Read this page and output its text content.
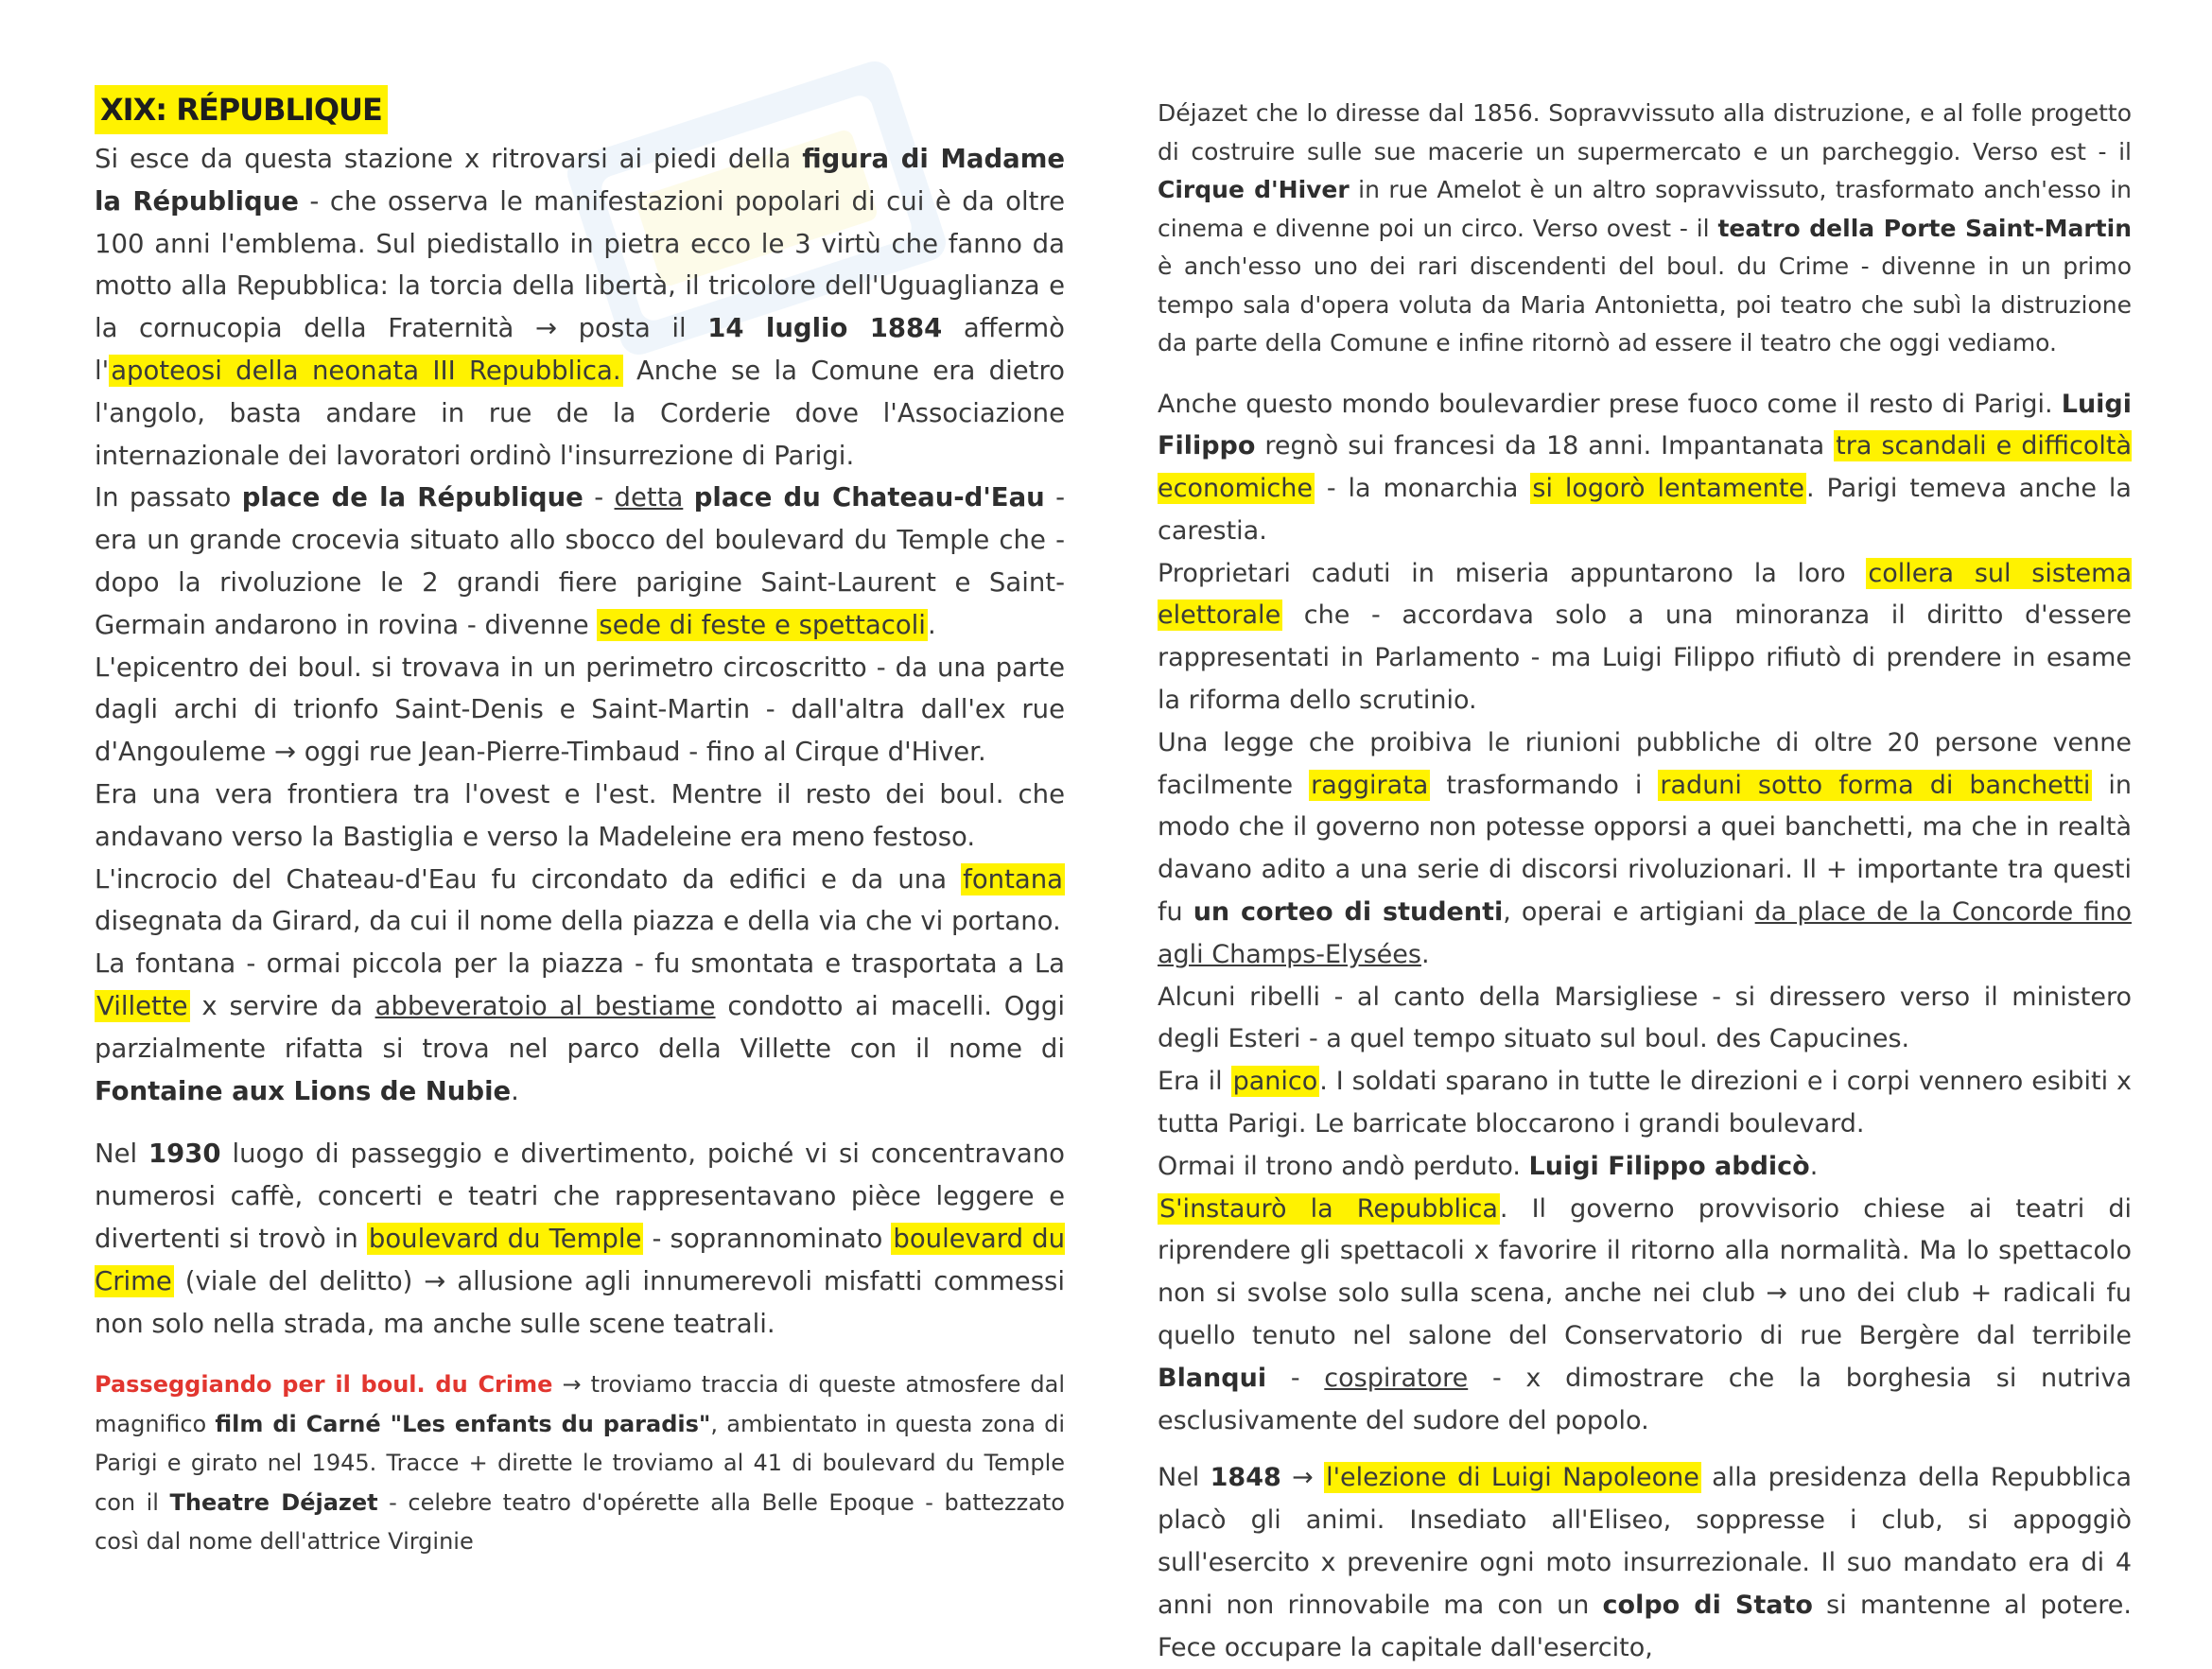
XIX: RÉPUBLIQUE

Si esce da questa stazione x ritrovarsi ai piedi della figura di Madame la République - che osserva le manifestazioni popolari di cui è da oltre 100 anni l'emblema. Sul piedistallo in pietra ecco le 3 virtù che fanno da motto alla Repubblica: la torcia della libertà, il tricolore dell'Uguaglianza e la cornucopia della Fraternità → posta il 14 luglio 1884 affermò l'apoteosi della neonata III Repubblica. Anche se la Comune era dietro l'angolo, basta andare in rue de la Corderie dove l'Associazione internazionale dei lavoratori ordinò l'insurrezione di Parigi.

In passato place de la République - detta place du Chateau-d'Eau - era un grande crocevia situato allo sbocco del boulevard du Temple che - dopo la rivoluzione le 2 grandi fiere parigine Saint-Laurent e Saint-Germain andarono in rovina - divenne sede di feste e spettacoli.

L'epicentro dei boul. si trovava in un perimetro circoscritto - da una parte dagli archi di trionfo Saint-Denis e Saint-Martin - dall'altra dall'ex rue d'Angouleme → oggi rue Jean-Pierre-Timbaud - fino al Cirque d'Hiver.

Era una vera frontiera tra l'ovest e l'est. Mentre il resto dei boul. che andavano verso la Bastiglia e verso la Madeleine era meno festoso.

L'incrocio del Chateau-d'Eau fu circondato da edifici e da una fontana disegnata da Girard, da cui il nome della piazza e della via che vi portano.

La fontana - ormai piccola per la piazza - fu smontata e trasportata a La Villette x servire da abbeveratoio al bestiame condotto ai macelli. Oggi parzialmente rifatta si trova nel parco della Villette con il nome di Fontaine aux Lions de Nubie.

Nel 1930 luogo di passeggio e divertimento, poiché vi si concentravano numerosi caffè, concerti e teatri che rappresentavano pièce leggere e divertenti si trovò in boulevard du Temple - soprannominato boulevard du Crime (viale del delitto) → allusione agli innumerevoli misfatti commessi non solo nella strada, ma anche sulle scene teatrali.

Passeggiando per il boul. du Crime → troviamo traccia di queste atmosfere dal magnifico film di Carné "Les enfants du paradis", ambientato in questa zona di Parigi e girato nel 1945. Tracce + dirette le troviamo al 41 di boulevard du Temple con il Theatre Déjazet - celebre teatro d'opérette alla Belle Epoque - battezzato così dal nome dell'attrice Virginie

Déjazet che lo diresse dal 1856. Sopravvissuto alla distruzione, e al folle progetto di costruire sulle sue macerie un supermercato e un parcheggio. Verso est - il Cirque d'Hiver in rue Amelot è un altro sopravvissuto, trasformato anch'esso in cinema e divenne poi un circo. Verso ovest - il teatro della Porte Saint-Martin è anch'esso uno dei rari discendenti del boul. du Crime - divenne in un primo tempo sala d'opera voluta da Maria Antonietta, poi teatro che subì la distruzione da parte della Comune e infine ritornò ad essere il teatro che oggi vediamo.

Anche questo mondo boulevardier prese fuoco come il resto di Parigi. Luigi Filippo regnò sui francesi da 18 anni. Impantanata tra scandali e difficoltà economiche - la monarchia si logorò lentamente. Parigi temeva anche la carestia.

Proprietari caduti in miseria appuntarono la loro collera sul sistema elettorale che - accordava solo a una minoranza il diritto d'essere rappresentati in Parlamento - ma Luigi Filippo rifiutò di prendere in esame la riforma dello scrutinio.

Una legge che proibiva le riunioni pubbliche di oltre 20 persone venne facilmente raggirata trasformando i raduni sotto forma di banchetti in modo che il governo non potesse opporsi a quei banchetti, ma che in realtà davano adito a una serie di discorsi rivoluzionari. Il + importante tra questi fu un corteo di studenti, operai e artigiani da place de la Concorde fino agli Champs-Elysées.

Alcuni ribelli - al canto della Marsigliese - si diressero verso il ministero degli Esteri - a quel tempo situato sul boul. des Capucines.

Era il panico. I soldati sparano in tutte le direzioni e i corpi vennero esibiti x tutta Parigi. Le barricate bloccarono i grandi boulevard.

Ormai il trono andò perduto. Luigi Filippo abdicò.

S'instaurò la Repubblica. Il governo provvisorio chiese ai teatri di riprendere gli spettacoli x favorire il ritorno alla normalità. Ma lo spettacolo non si svolse solo sulla scena, anche nei club → uno dei club + radicali fu quello tenuto nel salone del Conservatorio di rue Bergère dal terribile Blanqui - cospiratore - x dimostrare che la borghesia si nutriva esclusivamente del sudore del popolo.

Nel 1848 → l'elezione di Luigi Napoleone alla presidenza della Repubblica placò gli animi. Insediato all'Eliseo, soppresse i club, si appoggiò sull'esercito x prevenire ogni moto insurrezionale. Il suo mandato era di 4 anni non rinnovabile ma con un colpo di Stato si mantenne al potere. Fece occupare la capitale dall'esercito,
